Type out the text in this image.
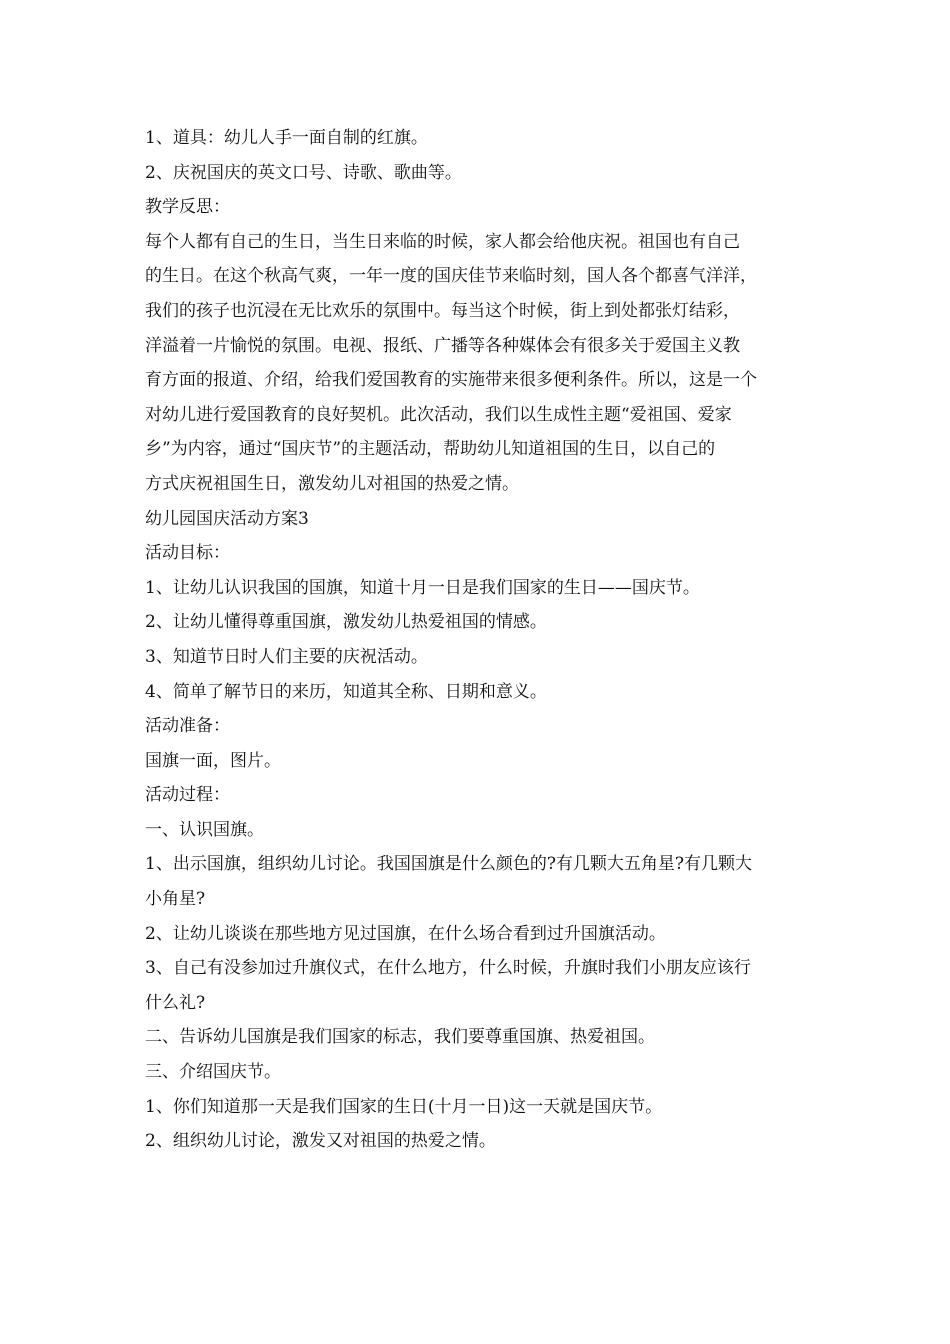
1、道具：幼儿人手一面自制的红旗。
2、庆祝国庆的英文口号、诗歌、歌曲等。
教学反思：
每个人都有自己的生日，当生日来临的时候，家人都会给他庆祝。祖国也有自己
的生日。在这个秋高气爽，一年一度的国庆佳节来临时刻，国人各个都喜气洋洋，
我们的孩子也沉浸在无比欢乐的氛围中。每当这个时候，街上到处都张灯结彩，
洋溢着一片愉悦的氛围。电视、报纸、广播等各种媒体会有很多关于爱国主义教
育方面的报道、介绍，给我们爱国教育的实施带来很多便利条件。所以，这是一个
对幼儿进行爱国教育的良好契机。此次活动，我们以生成性主题“爱祖国、爱家
乡”为内容，通过“国庆节”的主题活动，帮助幼儿知道祖国的生日，以自己的
方式庆祝祖国生日，激发幼儿对祖国的热爱之情。
幼儿园国庆活动方案3
活动目标：
1、让幼儿认识我国的国旗，知道十月一日是我们国家的生日——国庆节。
2、让幼儿懂得尊重国旗，激发幼儿热爱祖国的情感。
3、知道节日时人们主要的庆祝活动。
4、简单了解节日的来历，知道其全称、日期和意义。
活动准备：
国旗一面，图片。
活动过程：
一、认识国旗。
1、出示国旗，组织幼儿讨论。我国国旗是什么颜色的?有几颗大五角星?有几颗大
小角星?
2、让幼儿谈谈在那些地方见过国旗，在什么场合看到过升国旗活动。
3、自己有没参加过升旗仪式，在什么地方，什么时候，升旗时我们小朋友应该行
什么礼?
二、告诉幼儿国旗是我们国家的标志，我们要尊重国旗、热爱祖国。
三、介绍国庆节。
1、你们知道那一天是我们国家的生日(十月一日)这一天就是国庆节。
2、组织幼儿讨论，激发又对祖国的热爱之情。
